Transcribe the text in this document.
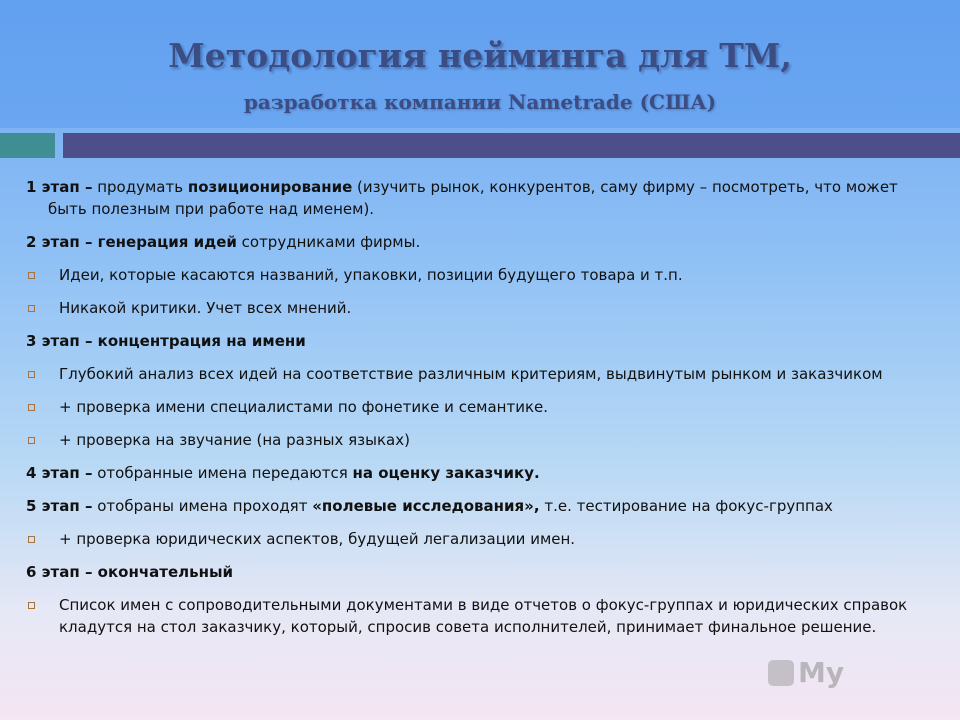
Методология нейминга для ТМ,
разработка компании Nametrade (США)
1 этап – продумать позиционирование (изучить рынок, конкурентов, саму фирму – посмотреть, что может быть полезным при работе над именем).
2 этап – генерация идей сотрудниками фирмы.
Идеи, которые касаются названий, упаковки, позиции будущего товара и т.п.
Никакой критики. Учет всех мнений.
3 этап – концентрация на имени
Глубокий анализ всех идей на соответствие различным критериям, выдвинутым рынком и заказчиком
+ проверка имени специалистами по фонетике и семантике.
+ проверка на звучание (на разных языках)
4 этап – отобранные имена передаются на оценку заказчику.
5 этап – отобраны имена проходят «полевые исследования», т.е. тестирование на фокус-группах
+ проверка юридических аспектов, будущей легализации имен.
6 этап – окончательный
Список имен с сопроводительными документами в виде отчетов о фокус-группах и юридических справок кладутся на стол заказчику, который, спросив совета исполнителей, принимает финальное решение.
My
